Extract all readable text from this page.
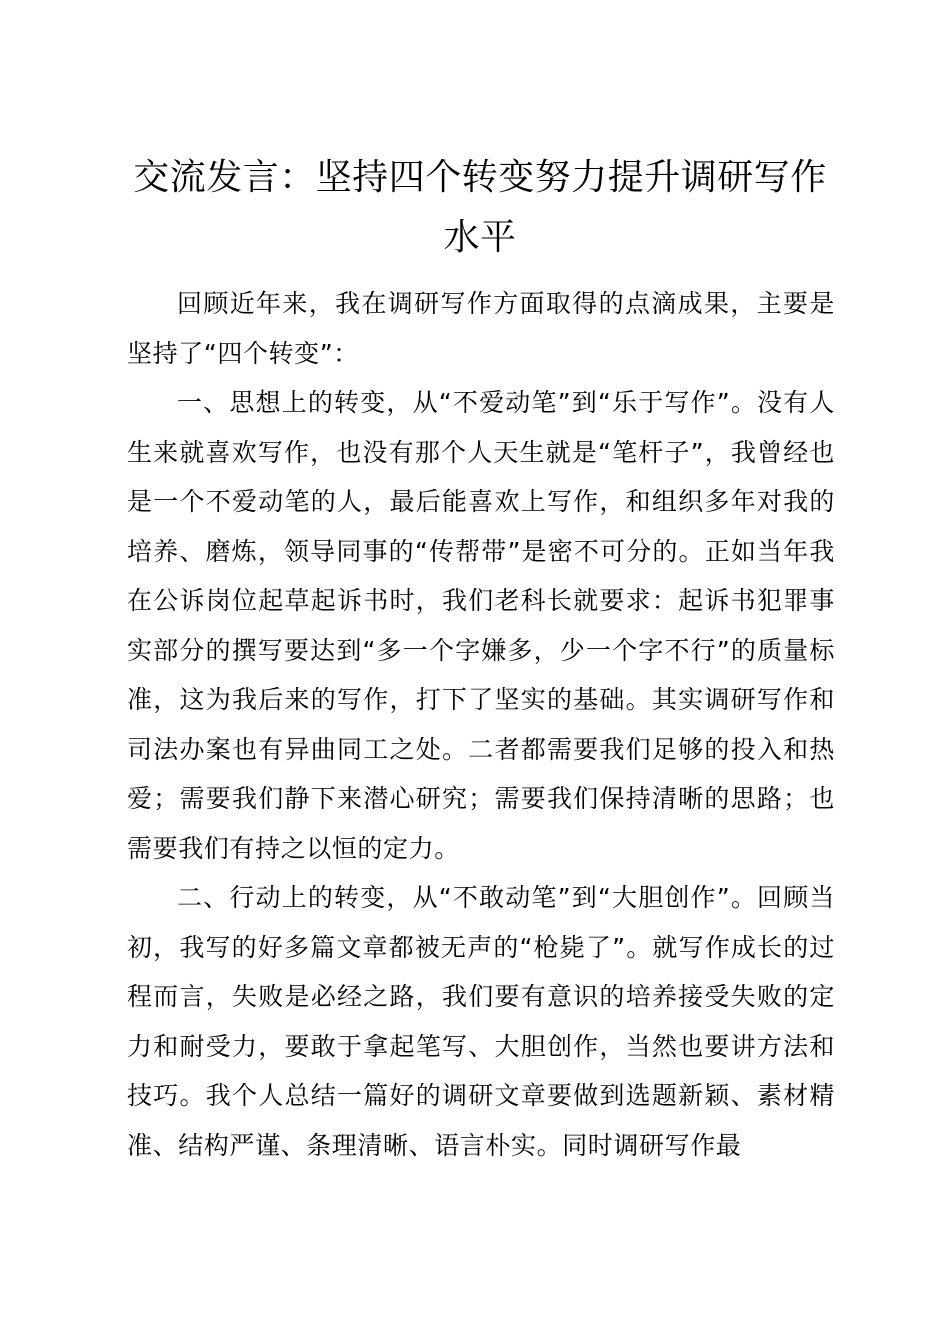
交流发言：坚持四个转变努力提升调研写作水平

回顾近年来，我在调研写作方面取得的点滴成果，主要是坚持了“四个转变”：

一、思想上的转变，从“不爱动笔”到“乐于写作”。没有人生来就喜欢写作，也没有那个人天生就是“笔杆子”，我曾经也是一个不爱动笔的人，最后能喜欢上写作，和组织多年对我的培养、磨炼，领导同事的“传帮带”是密不可分的。正如当年我在公诉岗位起草起诉书时，我们老科长就要求：起诉书犯罪事实部分的撰写要达到“多一个字嫌多，少一个字不行”的质量标准，这为我后来的写作，打下了坚实的基础。其实调研写作和司法办案也有异曲同工之处。二者都需要我们足够的投入和热爱；需要我们静下来潜心研究；需要我们保持清晰的思路；也需要我们有持之以恒的定力。

二、行动上的转变，从“不敢动笔”到“大胆创作”。回顾当初，我写的好多篇文章都被无声的“枪毙了”。就写作成长的过程而言，失败是必经之路，我们要有意识的培养接受失败的定力和耐受力，要敢于拿起笔写、大胆创作，当然也要讲方法和技巧。我个人总结一篇好的调研文章要做到选题新颖、素材精准、结构严谨、条理清晰、语言朴实。同时调研写作最
